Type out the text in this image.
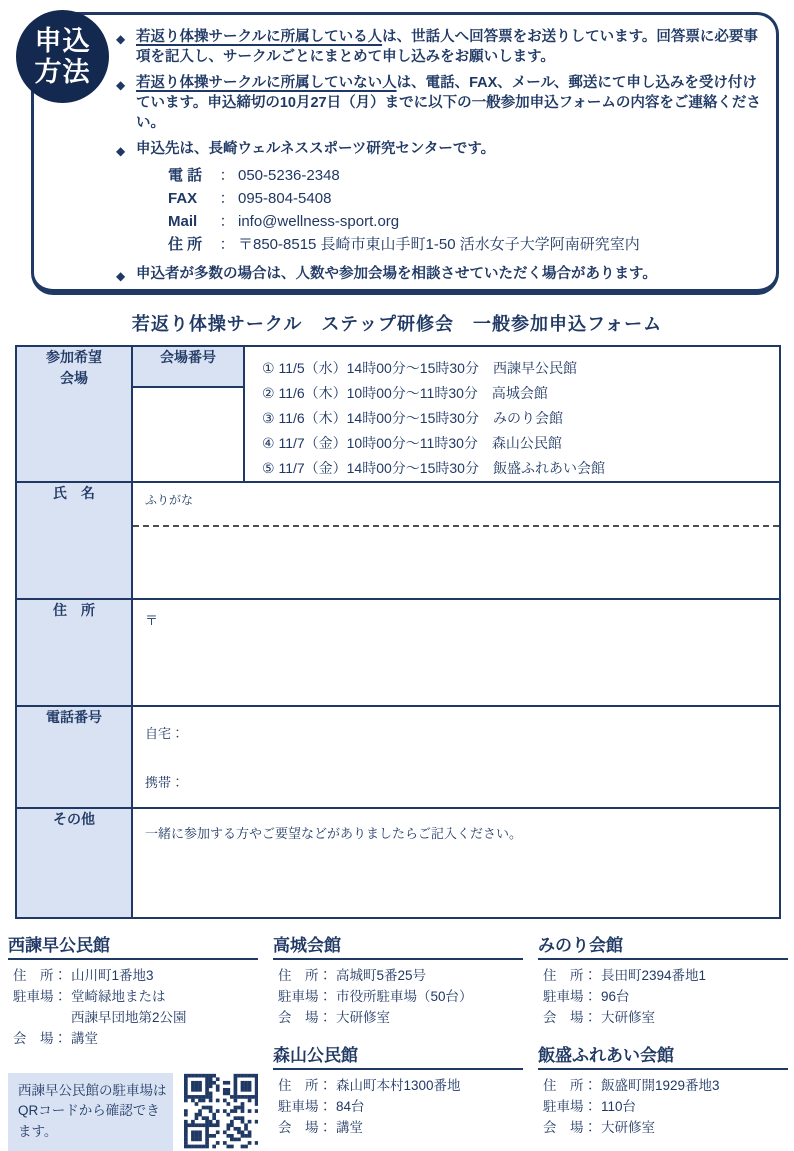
申込
方法
◆ 若返り体操サークルに所属している人は、世話人へ回答票をお送りしています。回答票に必要事項を記入し、サークルごとにまとめて申し込みをお願いします。

◆ 若返り体操サークルに所属していない人は、電話、FAX、メール、郵送にて申し込みを受け付けています。申込締切の10月27日（月）までに以下の一般参加申込フォームの内容をご連絡ください。

◆ 申込先は、長崎ウェルネススポーツ研究センターです。

電 話	： 050-5236-2348
FAX	： 095-804-5408
Mail	： info@wellness-sport.org
住 所	： 〒850-8515 長崎市東山手町1-50 活水女子大学阿南研究室内
◆ 申込者が多数の場合は、人数や参加会場を相談させていただく場合があります。

若返り体操サークル　ステップ研修会　一般参加申込フォーム
参加希望
会場
	会場番号	
① 11/5（水）14時00分～15時30分　西諫早公民館
② 11/6（木）10時00分～11時30分　高城会館
③ 11/6（木）14時00分～15時30分　みのり会館
④ 11/7（金）10時00分～11時30分　森山公民館
⑤ 11/7（金）14時00分～15時30分　飯盛ふれあい会館

氏　名	ふりがな	

住　所	〒	
電話番号	自宅：
携帯：	

その他	一緒に参加する方やご要望などがありましたらご記入ください。	
西諫早公民館
住　所： 山川町1番地3
駐車場： 堂崎緑地または
西諫早団地第2公園
会　場： 講堂
西諫早公民館の駐車場はQRコードから確認できます。
高城会館
住　所： 高城町5番25号
駐車場： 市役所駐車場（50台）
会　場： 大研修室
森山公民館
住　所： 森山町本村1300番地
駐車場： 84台
会　場： 講堂
みのり会館
住　所： 長田町2394番地1
駐車場： 96台
会　場： 大研修室
飯盛ふれあい会館
住　所： 飯盛町開1929番地3
駐車場： 110台
会　場： 大研修室
